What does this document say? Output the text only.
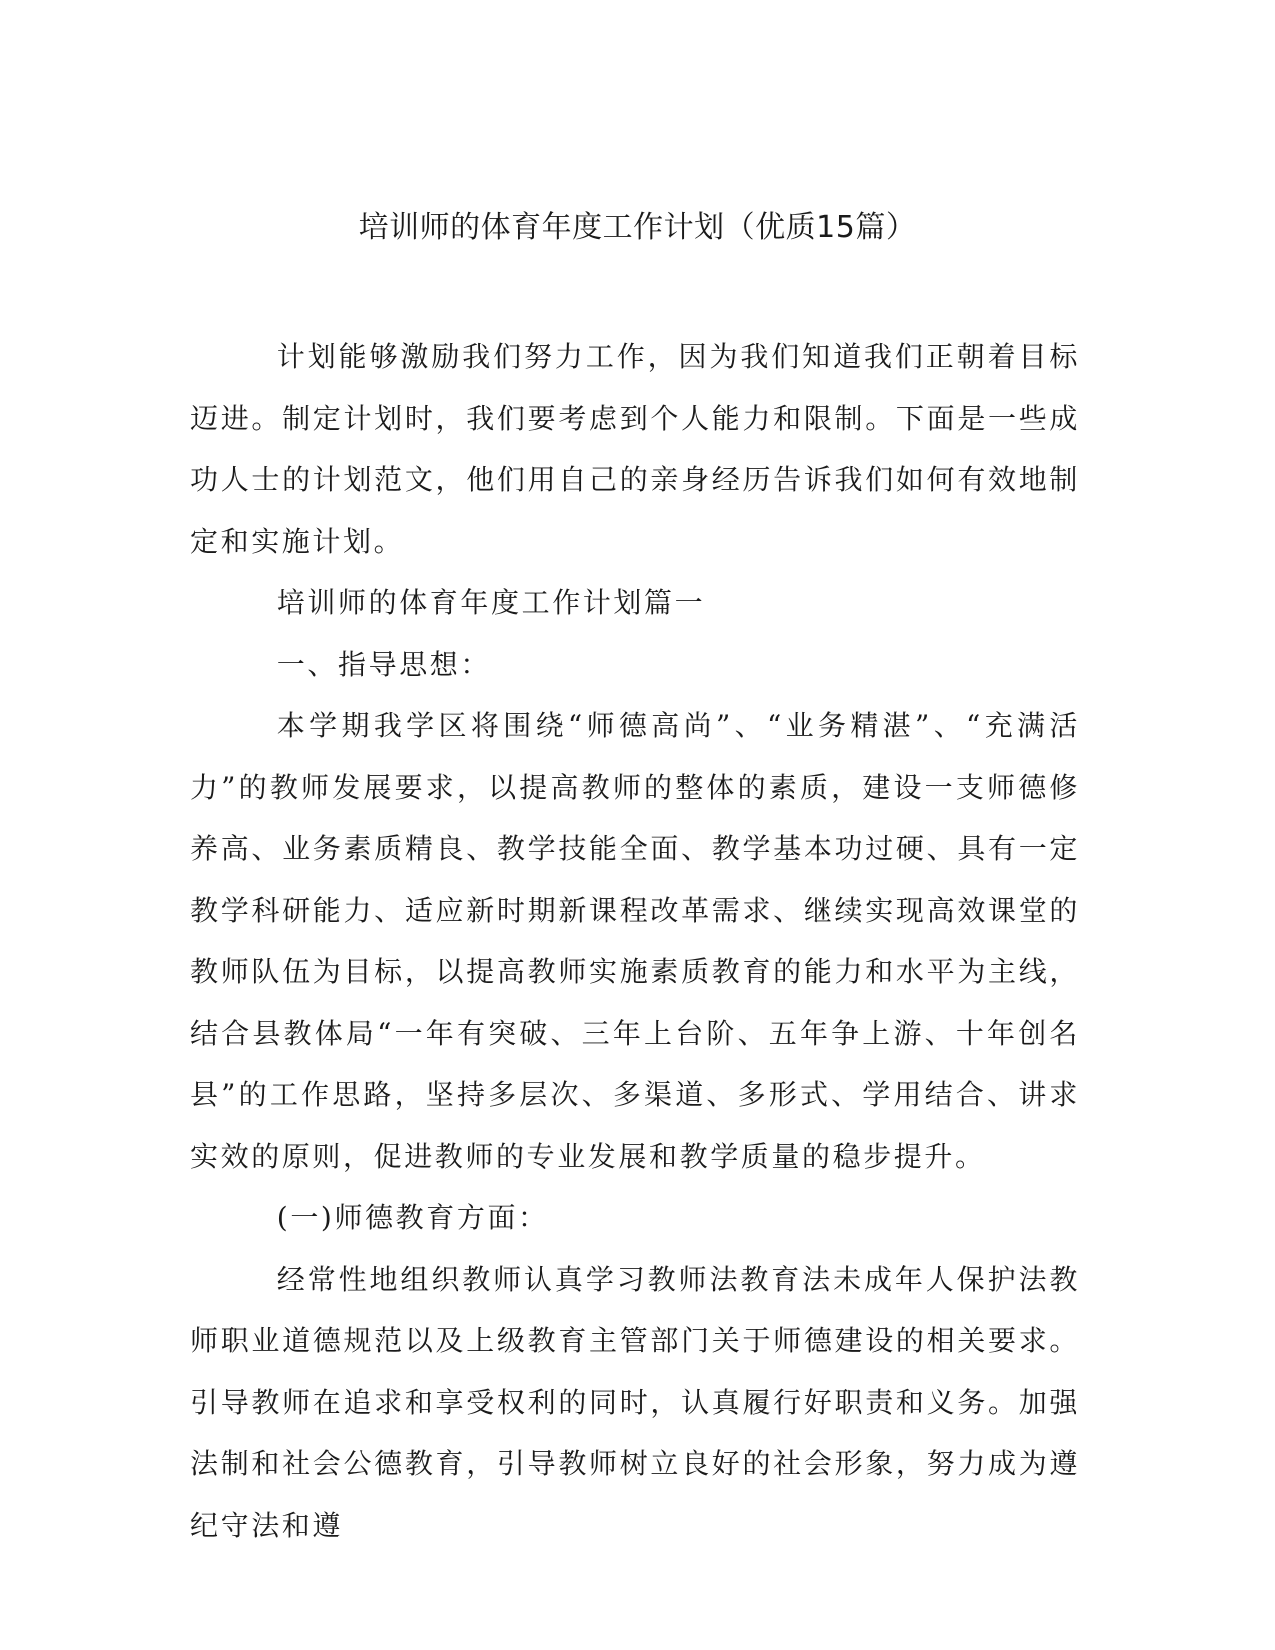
培训师的体育年度工作计划（优质15篇）

计划能够激励我们努力工作，因为我们知道我们正朝着目标迈进。制定计划时，我们要考虑到个人能力和限制。下面是一些成功人士的计划范文，他们用自己的亲身经历告诉我们如何有效地制定和实施计划。

培训师的体育年度工作计划篇一

一、指导思想：

本学期我学区将围绕“师德高尚”、“业务精湛”、“充满活力”的教师发展要求，以提高教师的整体的素质，建设一支师德修养高、业务素质精良、教学技能全面、教学基本功过硬、具有一定教学科研能力、适应新时期新课程改革需求、继续实现高效课堂的教师队伍为目标，以提高教师实施素质教育的能力和水平为主线，结合县教体局“一年有突破、三年上台阶、五年争上游、十年创名县”的工作思路，坚持多层次、多渠道、多形式、学用结合、讲求实效的原则，促进教师的专业发展和教学质量的稳步提升。

(一)师德教育方面：

经常性地组织教师认真学习教师法教育法未成年人保护法教师职业道德规范以及上级教育主管部门关于师德建设的相关要求。引导教师在追求和享受权利的同时，认真履行好职责和义务。加强法制和社会公德教育，引导教师树立良好的社会形象，努力成为遵纪守法和遵
